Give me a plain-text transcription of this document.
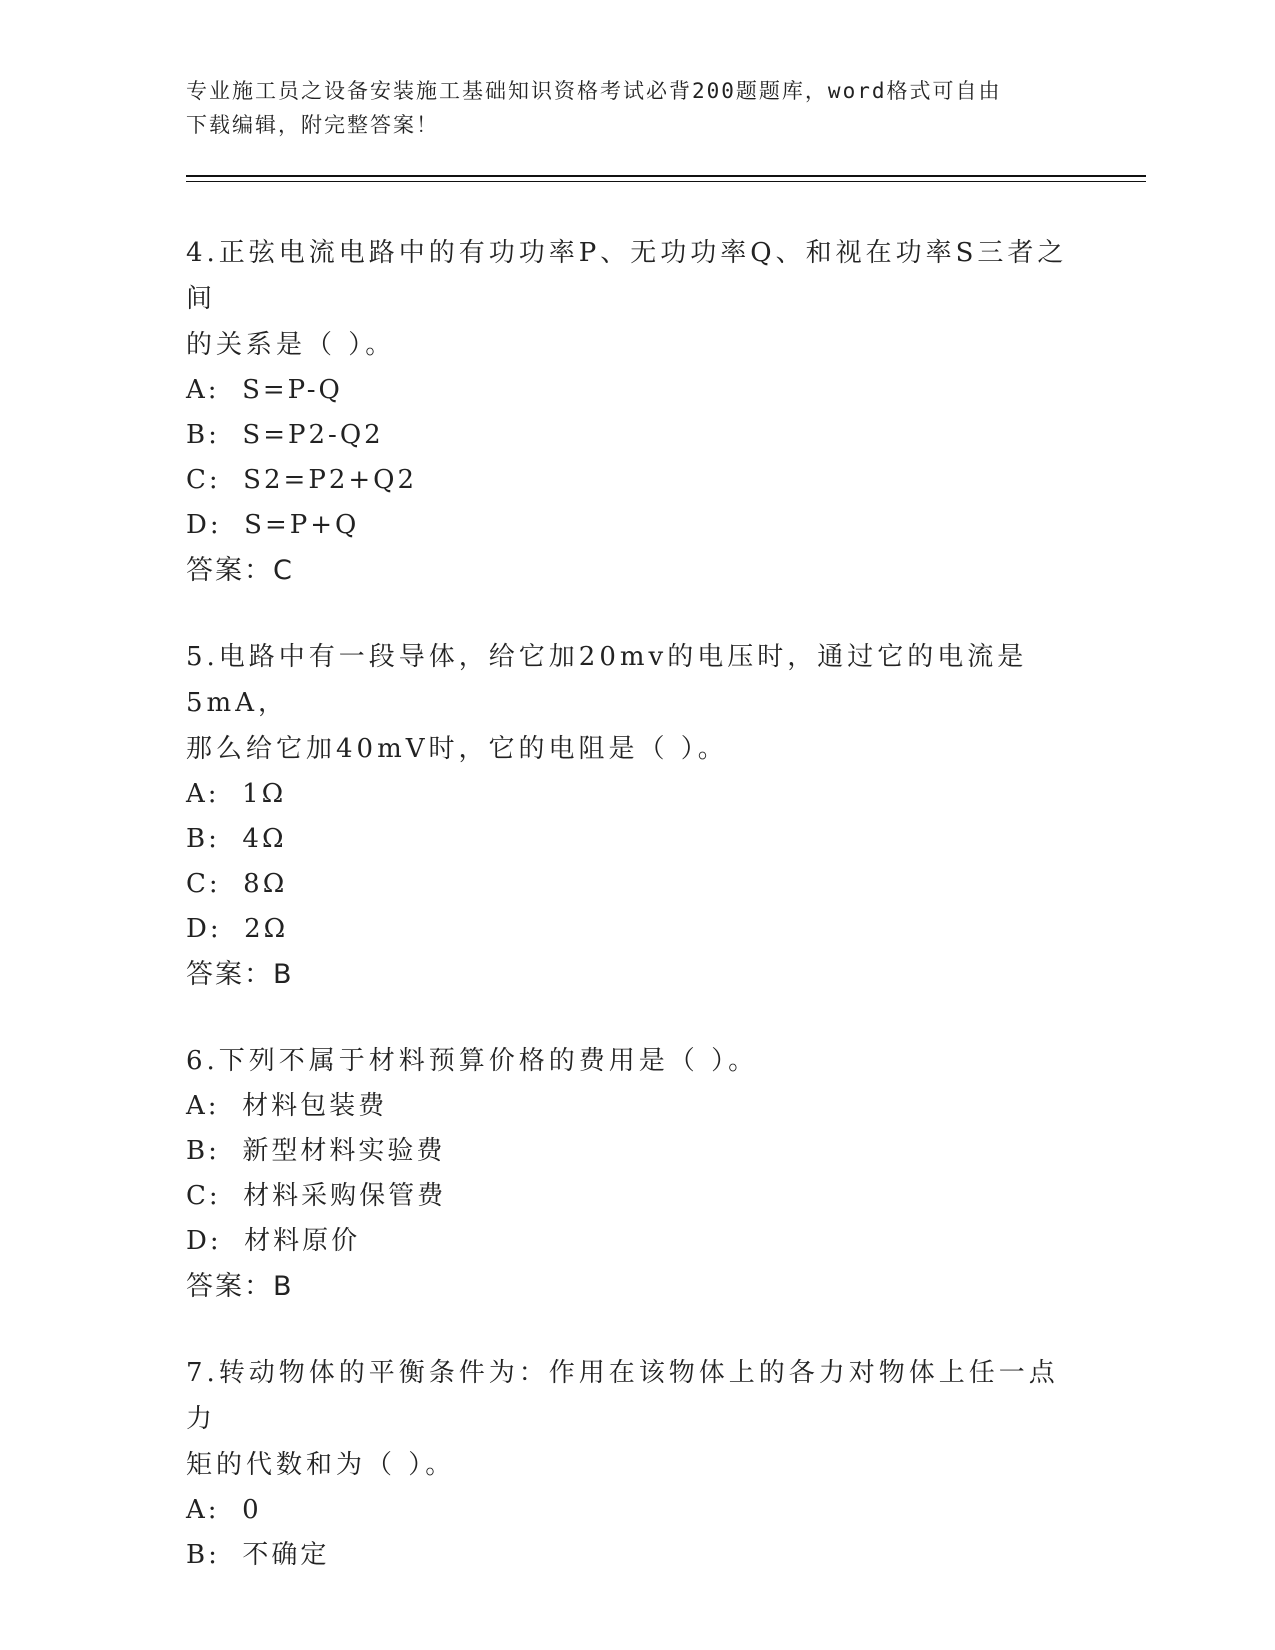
专业施工员之设备安装施工基础知识资格考试必背200题题库，word格式可自由
下载编辑，附完整答案！

4.正弦电流电路中的有功功率P、无功功率Q、和视在功率S三者之间

的关系是（ ）。

A:  S=P-Q

B:  S=P2-Q2

C:  S2=P2+Q2

D:  S=P+Q

答案：C

5.电路中有一段导体，给它加20mv的电压时，通过它的电流是5mA，

那么给它加40mV时，它的电阻是（ ）。

A:  1Ω

B:  4Ω

C:  8Ω

D:  2Ω

答案：B

6.下列不属于材料预算价格的费用是（ ）。

A:  材料包装费

B:  新型材料实验费

C:  材料采购保管费

D:  材料原价

答案：B

7.转动物体的平衡条件为：作用在该物体上的各力对物体上任一点力

矩的代数和为（ ）。

A:  0

B:  不确定
